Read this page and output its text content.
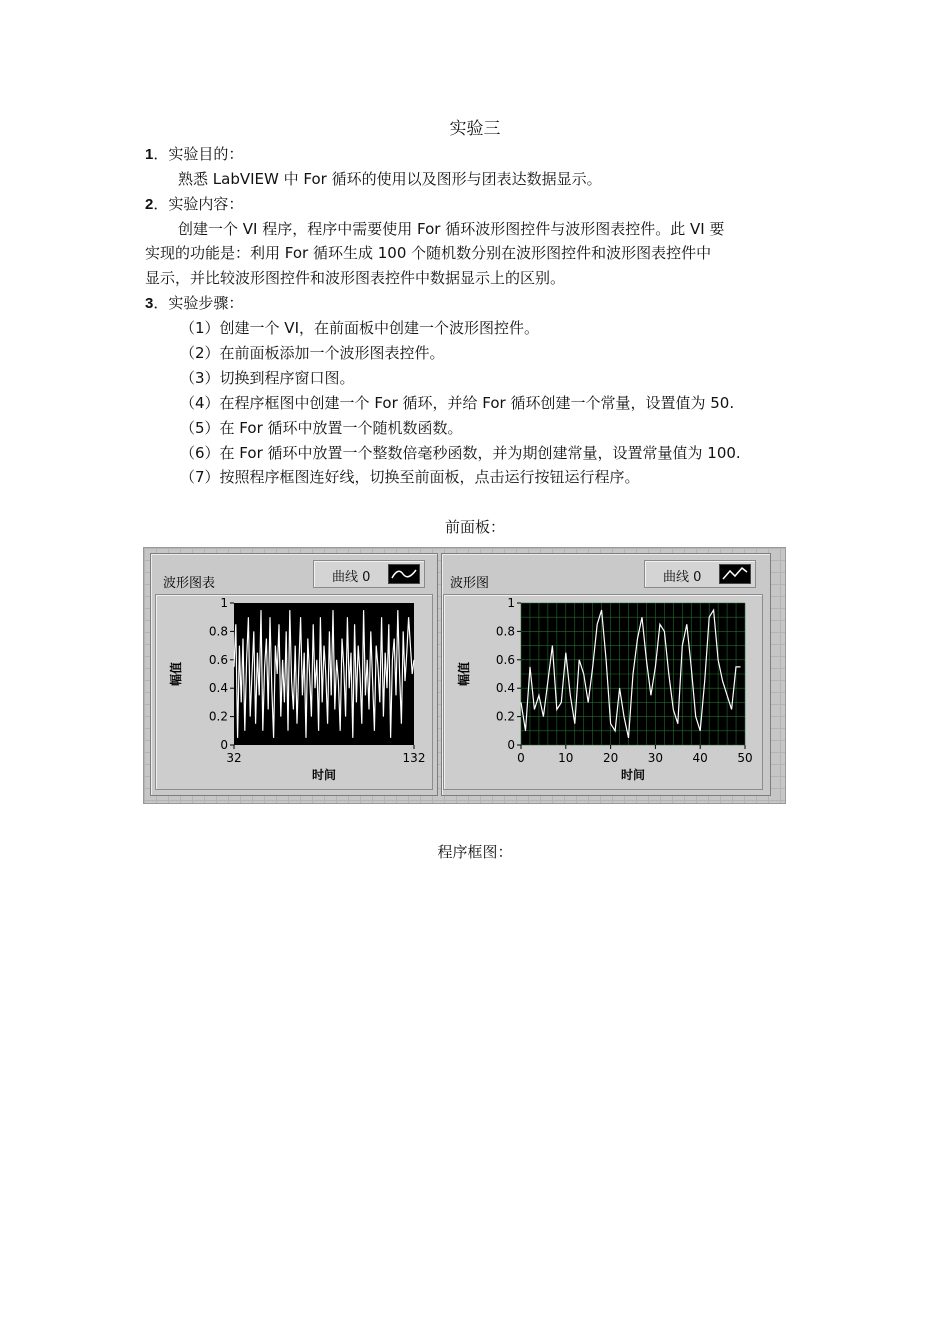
实验三
1．实验目的：
熟悉 LabVIEW 中 For 循环的使用以及图形与团表达数据显示。
2．实验内容：
创建一个 VI 程序，程序中需要使用 For 循环波形图控件与波形图表控件。此 VI 要
实现的功能是：利用 For 循环生成 100 个随机数分别在波形图控件和波形图表控件中
显示，并比较波形图控件和波形图表控件中数据显示上的区别。
3．实验步骤：
（1）创建一个 VI，在前面板中创建一个波形图控件。
（2）在前面板添加一个波形图表控件。
（3）切换到程序窗口图。
（4）在程序框图中创建一个 For 循环，并给 For 循环创建一个常量，设置值为 50.
（5）在 For 循环中放置一个随机数函数。
（6）在 For 循环中放置一个整数倍毫秒函数，并为期创建常量，设置常量值为 100.
（7）按照程序框图连好线，切换至前面板，点击运行按钮运行程序。
前面板：
波形图表	曲线 0
0
0.2
0.4
0.6
0.8
1
32	132
时间
幅值
波形图	曲线 0
0
0.2
0.4
0.6
0.8
1
0	10 20 30 40 50
时间
幅值
程序框图：
